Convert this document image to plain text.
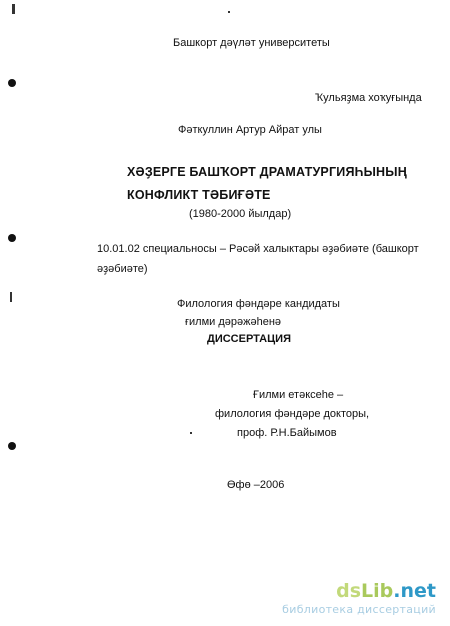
Башкорт дәүләт университеты
Ҡульяҙма хоҡуғында
Фәткуллин Артур Айрат улы
ХӘҘЕРГЕ БАШҠОРТ ДРАМАТУРГИЯҺЫНЫҢ
КОНФЛИКТ ТӘБИҒӘТЕ
(1980-2000 йылдар)
10.01.02 специальносы – Рәсәй халыктары әҙәбиәте (башкорт
әҙәбиәте)
Филология фәндәре кандидаты
ғилми дәрәжәһенә
ДИССЕРТАЦИЯ
Ғилми етәксеһе –
филология фәндәре докторы,
проф. Р.Н.Байымов
Өфө –2006
dsLib.net
библиотека диссертаций
